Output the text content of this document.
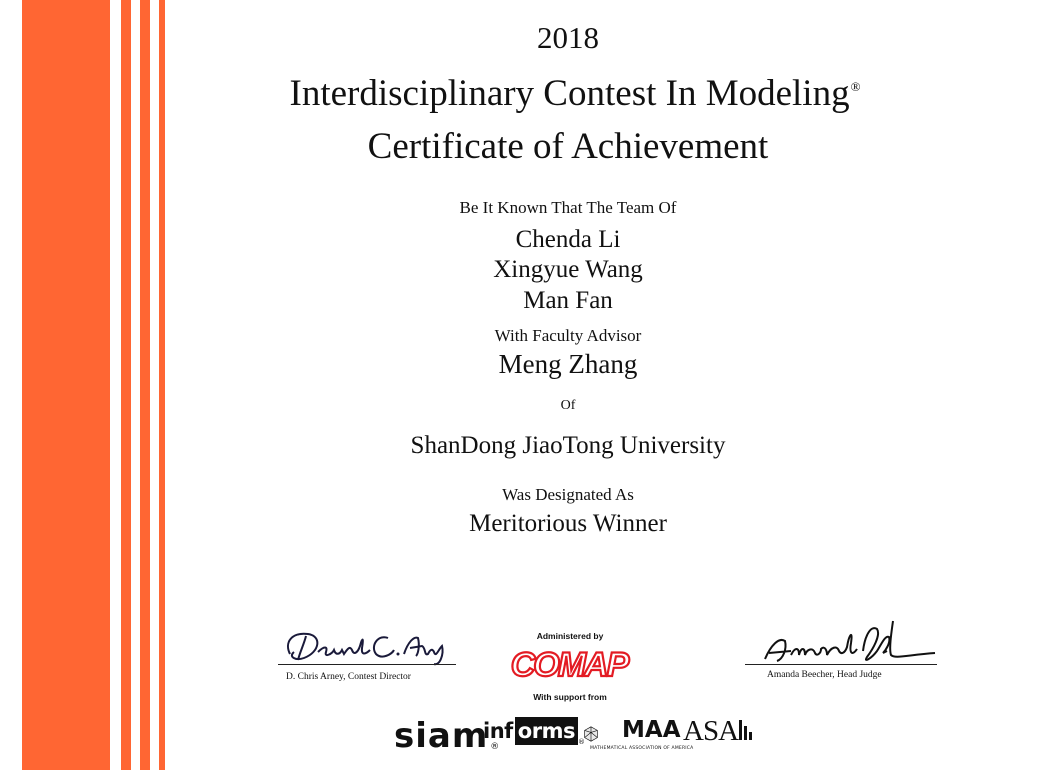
2018
Interdisciplinary Contest In Modeling®
Certificate of Achievement
Be It Known That The Team Of
Chenda Li
Xingyue Wang
Man Fan
With Faculty Advisor
Meng Zhang
Of
ShanDong JiaoTong University
Was Designated As
Meritorious Winner
D. Chris Arney, Contest Director
Administered by
COMAP
With support from
Amanda Beecher, Head Judge
siam ®
inf orms $_®$ MAA
MATHEMATICAL ASSOCIATION OF AMERICA
ASA
